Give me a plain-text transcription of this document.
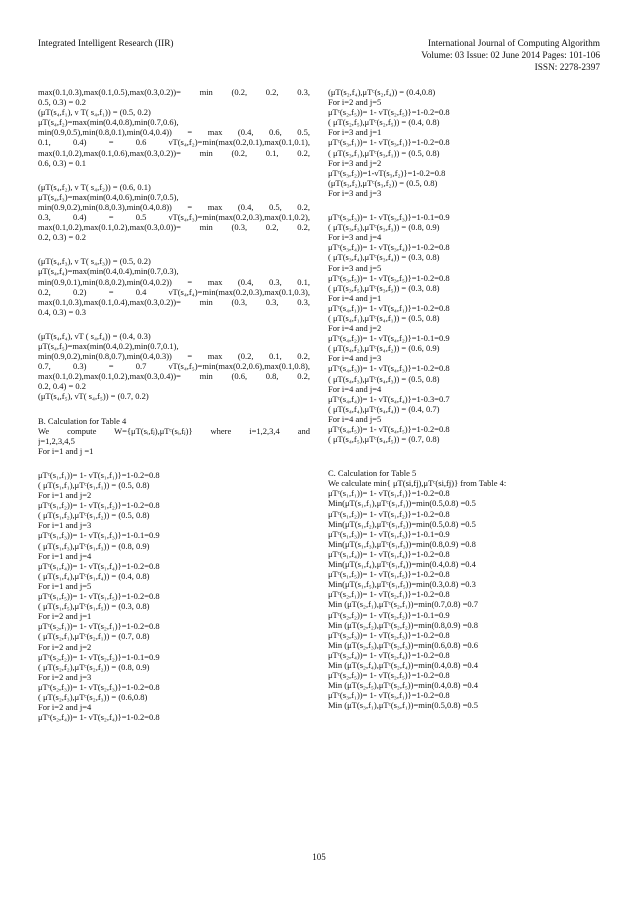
Integrated Intelligent Research (IIR)	International Journal of Computing Algorithm
Volume: 03 Issue: 02 June 2014 Pages: 101-106
ISSN: 2278-2397
max(0.1,0.3),max(0.1,0.5),max(0.3,0.2))= min (0.2, 0.2, 0.3,
0.5, 0.3) = 0.2
(μT(s₄,f₁), ν T( s₄,f₁)) = (0.5, 0.2)
μT(s₄,f₂)=max(min(0.4,0.8),min(0.7,0.6),
min(0.9,0.5),min(0.8,0.1),min(0.4,0.4)) = max (0.4, 0.6, 0.5,
0.1, 0.4) = 0.6 νT(s₄,f₂)=min(max(0.2,0.1),max(0.1,0.1),
max(0.1,0.2),max(0.1,0.6),max(0.3,0.2))= min (0.2, 0.1, 0.2,
0.6, 0.3) = 0.1
(μT(s₄,f₂), ν T( s₄,f₂)) = (0.6, 0.1)
μT(s₄,f₃)=max(min(0.4,0.6),min(0.7,0.5),
min(0.9,0.2),min(0.8,0.3),min(0.4,0.8)) = max (0.4, 0.5, 0.2,
0.3, 0.4) = 0.5 νT(s₄,f₃)=min(max(0.2,0.3),max(0.1,0.2),
max(0.1,0.2),max(0.1,0.2),max(0.3,0.0))= min (0.3, 0.2, 0.2,
0.2, 0.3) = 0.2
(μT(s₄,f₃), ν T( s₄,f₃)) = (0.5, 0.2)
μT(s₄,f₄)=max(min(0.4,0.4),min(0.7,0.3),
min(0.9,0.1),min(0.8,0.2),min(0.4,0.2)) = max (0.4, 0.3, 0.1,
0.2, 0.2) = 0.4 νT(s₄,f₄)=min(max(0.2,0.3),max(0.1,0.3),
max(0.1,0.3),max(0.1,0.4),max(0.3,0.2))= min (0.3, 0.3, 0.3,
0.4, 0.3) = 0.3
(μT(s₄,f₄), νT ( s₄,f₄)) = (0.4, 0.3)
μT(s₄,f₅)=max(min(0.4,0.2),min(0.7,0.1),
min(0.9,0.2),min(0.8,0.7),min(0.4,0.3)) = max (0.2, 0.1, 0.2,
0.7, 0.3) = 0.7 νT(s₄,f₅)=min(max(0.2,0.6),max(0.1,0.8),
max(0.1,0.2),max(0.1,0.2),max(0.3,0.4))= min (0.6, 0.8, 0.2,
0.2, 0.4) = 0.2
(μT(s₄,f₅), νT( s₄,f₅)) = (0.7, 0.2)
B. Calculation for Table 4
We compute W={μT(sᵢ,fⱼ),μTᶜ(sᵢ,fⱼ)} where i=1,2,3,4 and
j=1,2,3,4,5
For i=1 and j =1
μTᶜ(s₁,f₁))= 1- νT(s₁,f₁)}=1-0.2=0.8
( μT(s₁,f₁),μTᶜ(s₁,f₁)) = (0.5, 0.8)
For i=1 and j=2
μTᶜ(s₁,f₂))= 1- νT(s₁,f₂)}=1-0.2=0.8
( μT(s₁,f₂),μTᶜ(s₁,f₂)) = (0.5, 0.8)
For i=1 and j=3
μTᶜ(s₁,f₃))= 1- νT(s₁,f₃)}=1-0.1=0.9
( μT(s₁,f₃),μTᶜ(s₁,f₃)) = (0.8, 0.9)
For i=1 and j=4
μTᶜ(s₁,f₄))= 1- νT(s₁,f₄)}=1-0.2=0.8
( μT(s₁,f₄),μTᶜ(s₁,f₄)) = (0.4, 0.8)
For i=1 and j=5
μTᶜ(s₁,f₅))= 1- νT(s₁,f₅)}=1-0.2=0.8
( μT(s₁,f₅),μTᶜ(s₁,f₅)) = (0.3, 0.8)
For i=2 and j=1
μTᶜ(s₂,f₁))= 1- νT(s₂,f₁)}=1-0.2=0.8
( μT(s₂,f₁),μTᶜ(s₂,f₁)) = (0.7, 0.8)
For i=2 and j=2
μTᶜ(s₂,f₂))= 1- νT(s₂,f₂)}=1-0.1=0.9
( μT(s₂,f₂),μTᶜ(s₂,f₂)) = (0.8, 0.9)
For i=2 and j=3
μTᶜ(s₂,f₃))= 1- νT(s₂,f₃)}=1-0.2=0.8
( μT(s₂,f₃),μTᶜ(s₂,f₃)) = (0.6,0.8)
For i=2 and j=4
μTᶜ(s₂,f₄))= 1- νT(s₂,f₄)}=1-0.2=0.8
(μT(s₂,f₄),μTᶜ(s₂,f₄)) = (0.4,0.8)
For i=2 and j=5
μTᶜ(s₂,f₅))= 1- νT(s₂,f₅)}=1-0.2=0.8
( μT(s₂,f₅),μTᶜ(s₂,f₅)) = (0.4, 0.8)
For i=3 and j=1
μTᶜ(s₃,f₁))= 1- νT(s₃,f₁)}=1-0.2=0.8
( μT(s₃,f₁),μTᶜ(s₃,f₁)) = (0.5, 0.8)
For i=3 and j=2
μTᶜ(s₃,f₂))=1-νT(s₃,f₂)}=1-0.2=0.8
(μT(s₃,f₂),μTᶜ(s₃,f₂)) = (0.5, 0.8)
For i=3 and j=3
μTᶜ(s₃,f₃))= 1- νT(s₃,f₃)}=1-0.1=0.9
( μT(s₃,f₃),μTᶜ(s₃,f₃)) = (0.8, 0.9)
For i=3 and j=4
μTᶜ(s₃,f₄))= 1- νT(s₃,f₄)}=1-0.2=0.8
( μT(s₃,f₄),μTᶜ(s₃,f₄)) = (0.3, 0.8)
For i=3 and j=5
μTᶜ(s₃,f₅))= 1- νT(s₃,f₅)}=1-0.2=0.8
( μT(s₃,f₅),μTᶜ(s₃,f₅)) = (0.3, 0.8)
For i=4 and j=1
μTᶜ(s₄,f₁))= 1- νT(s₄,f₁)}=1-0.2=0.8
( μT(s₄,f₁),μTᶜ(s₄,f₁)) = (0.5, 0.8)
For i=4 and j=2
μTᶜ(s₄,f₂))= 1- νT(s₄,f₂)}=1-0.1=0.9
( μT(s₄,f₂),μTᶜ(s₄,f₂)) = (0.6, 0.9)
For i=4 and j=3
μTᶜ(s₄,f₃))= 1- νT(s₄,f₃)}=1-0.2=0.8
( μT(s₄,f₃),μTᶜ(s₄,f₃)) = (0.5, 0.8)
For i=4 and j=4
μTᶜ(s₄,f₄))= 1- νT(s₄,f₄)}=1-0.3=0.7
( μT(s₄,f₄),μTᶜ(s₄,f₄)) = (0.4, 0.7)
For i=4 and j=5
μTᶜ(s₄,f₅))= 1- νT(s₄,f₅)}=1-0.2=0.8
( μT(s₄,f₅),μTᶜ(s₄,f₅)) = (0.7, 0.8)
C. Calculation for Table 5
We calculate min{ μT(si,fj),μTᶜ(si,fj)} from Table 4:
μTᶜ(s₁,f₁))= 1- νT(s₁,f₁)}=1-0.2=0.8
Min(μT(s₁,f₁),μTᶜ(s₁,f₁))=min(0.5,0.8) =0.5
μTᶜ(s₁,f₂))= 1- νT(s₁,f₂)}=1-0.2=0.8
Min(μT(s₁,f₂),μTᶜ(s₁,f₂))=min(0.5,0.8) =0.5
μTᶜ(s₁,f₃))= 1- νT(s₁,f₃)}=1-0.1=0.9
Min(μT(s₁,f₃),μTᶜ(s₁,f₃))=min(0.8,0.9) =0.8
μTᶜ(s₁,f₄))= 1- νT(s₁,f₄)}=1-0.2=0.8
Min(μT(s₁,f₄),μTᶜ(s₁,f₄))=min(0.4,0.8) =0.4
μTᶜ(s₁,f₅))= 1- νT(s₁,f₅)}=1-0.2=0.8
Min(μT(s₁,f₅),μTᶜ(s₁,f₅))=min(0.3,0.8) =0.3
μTᶜ(s₂,f₁))= 1- νT(s₂,f₁)}=1-0.2=0.8
Min (μT(s₂,f₁),μTᶜ(s₂,f₁))=min(0.7,0.8) =0.7
μTᶜ(s₂,f₂))= 1- νT(s₂,f₂)}=1-0.1=0.9
Min (μT(s₂,f₂),μTᶜ(s₂,f₂))=min(0.8,0.9) =0.8
μTᶜ(s₂,f₃))= 1- νT(s₂,f₃)}=1-0.2=0.8
Min (μT(s₂,f₃),μTᶜ(s₂,f₃))=min(0.6,0.8) =0.6
μTᶜ(s₂,f₄))= 1- νT(s₂,f₄)}=1-0.2=0.8
Min (μT(s₂,f₄),μTᶜ(s₂,f₄))=min(0.4,0.8) =0.4
μTᶜ(s₂,f₅))= 1- νT(s₂,f₅)}=1-0.2=0.8
Min (μT(s₂,f₅),μTᶜ(s₂,f₅))=min(0.4,0.8) =0.4
μTᶜ(s₃,f₁))= 1- νT(s₃,f₁)}=1-0.2=0.8
Min (μT(s₃,f₁),μTᶜ(s₃,f₁))=min(0.5,0.8) =0.5
105
